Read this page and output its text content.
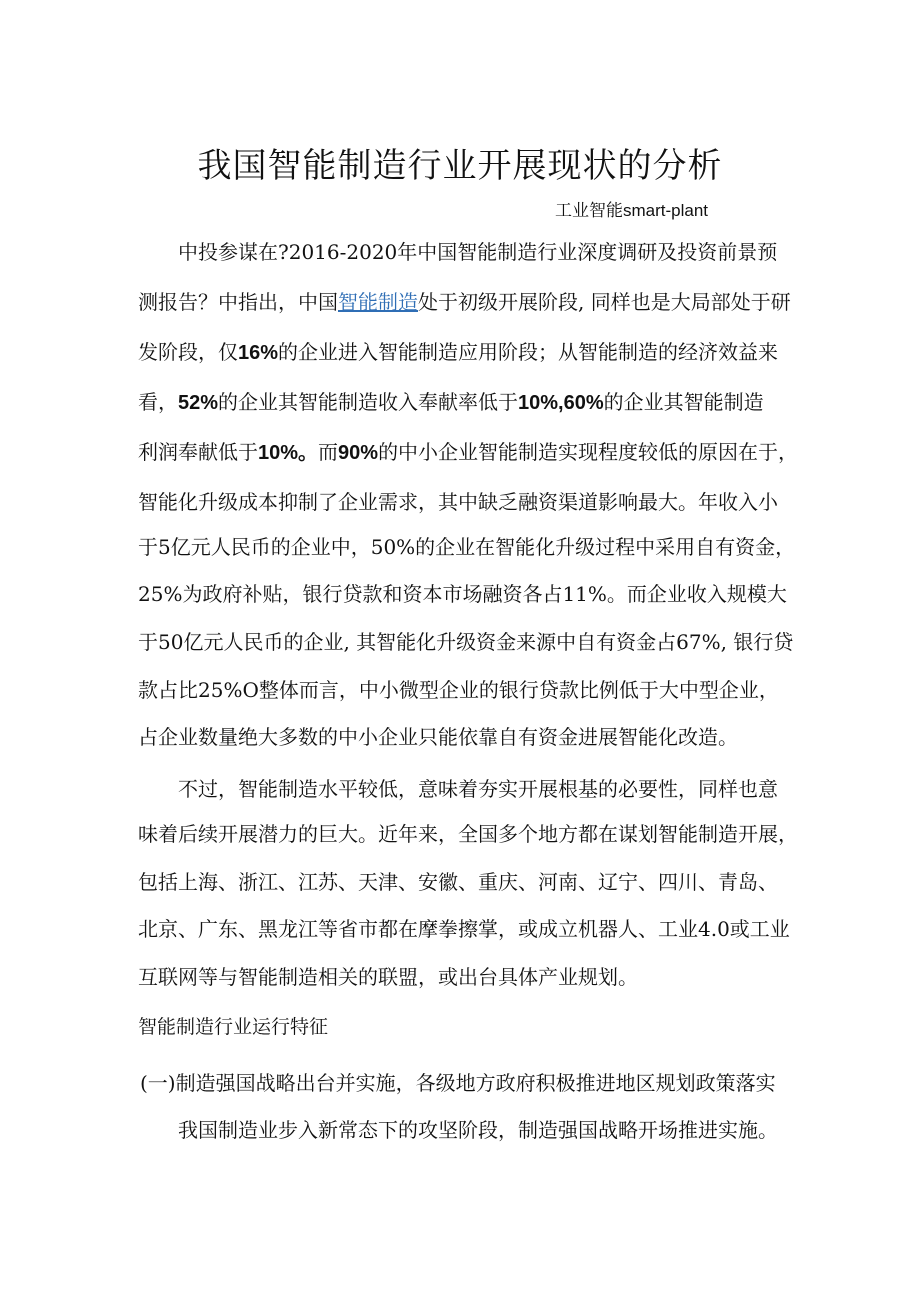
我国智能制造行业开展现状的分析
工业智能smart-plant
中投参谋在?2016-2020年中国智能制造行业深度调研及投资前景预
测报告？中指出，中国智能制造处于初级开展阶段, 同样也是大局部处于研
发阶段，仅16%的企业进入智能制造应用阶段；从智能制造的经济效益来
看，52%的企业其智能制造收入奉献率低于10%,60%的企业其智能制造
利润奉献低于10%。而90%的中小企业智能制造实现程度较低的原因在于，
智能化升级成本抑制了企业需求，其中缺乏融资渠道影响最大。年收入小
于5亿元人民币的企业中，50%的企业在智能化升级过程中采用自有资金，
25%为政府补贴，银行贷款和资本市场融资各占11%。而企业收入规模大
于50亿元人民币的企业, 其智能化升级资金来源中自有资金占67%, 银行贷
款占比25%O整体而言，中小微型企业的银行贷款比例低于大中型企业，
占企业数量绝大多数的中小企业只能依靠自有资金进展智能化改造。
不过，智能制造水平较低，意味着夯实开展根基的必要性，同样也意
味着后续开展潜力的巨大。近年来，全国多个地方都在谋划智能制造开展，
包括上海、浙江、江苏、天津、安徽、重庆、河南、辽宁、四川、青岛、
北京、广东、黑龙江等省市都在摩拳擦掌，或成立机器人、工业4.0或工业
互联网等与智能制造相关的联盟，或出台具体产业规划。
智能制造行业运行特征
(一)制造强国战略出台并实施，各级地方政府积极推进地区规划政策落实
我国制造业步入新常态下的攻坚阶段，制造强国战略开场推进实施。
